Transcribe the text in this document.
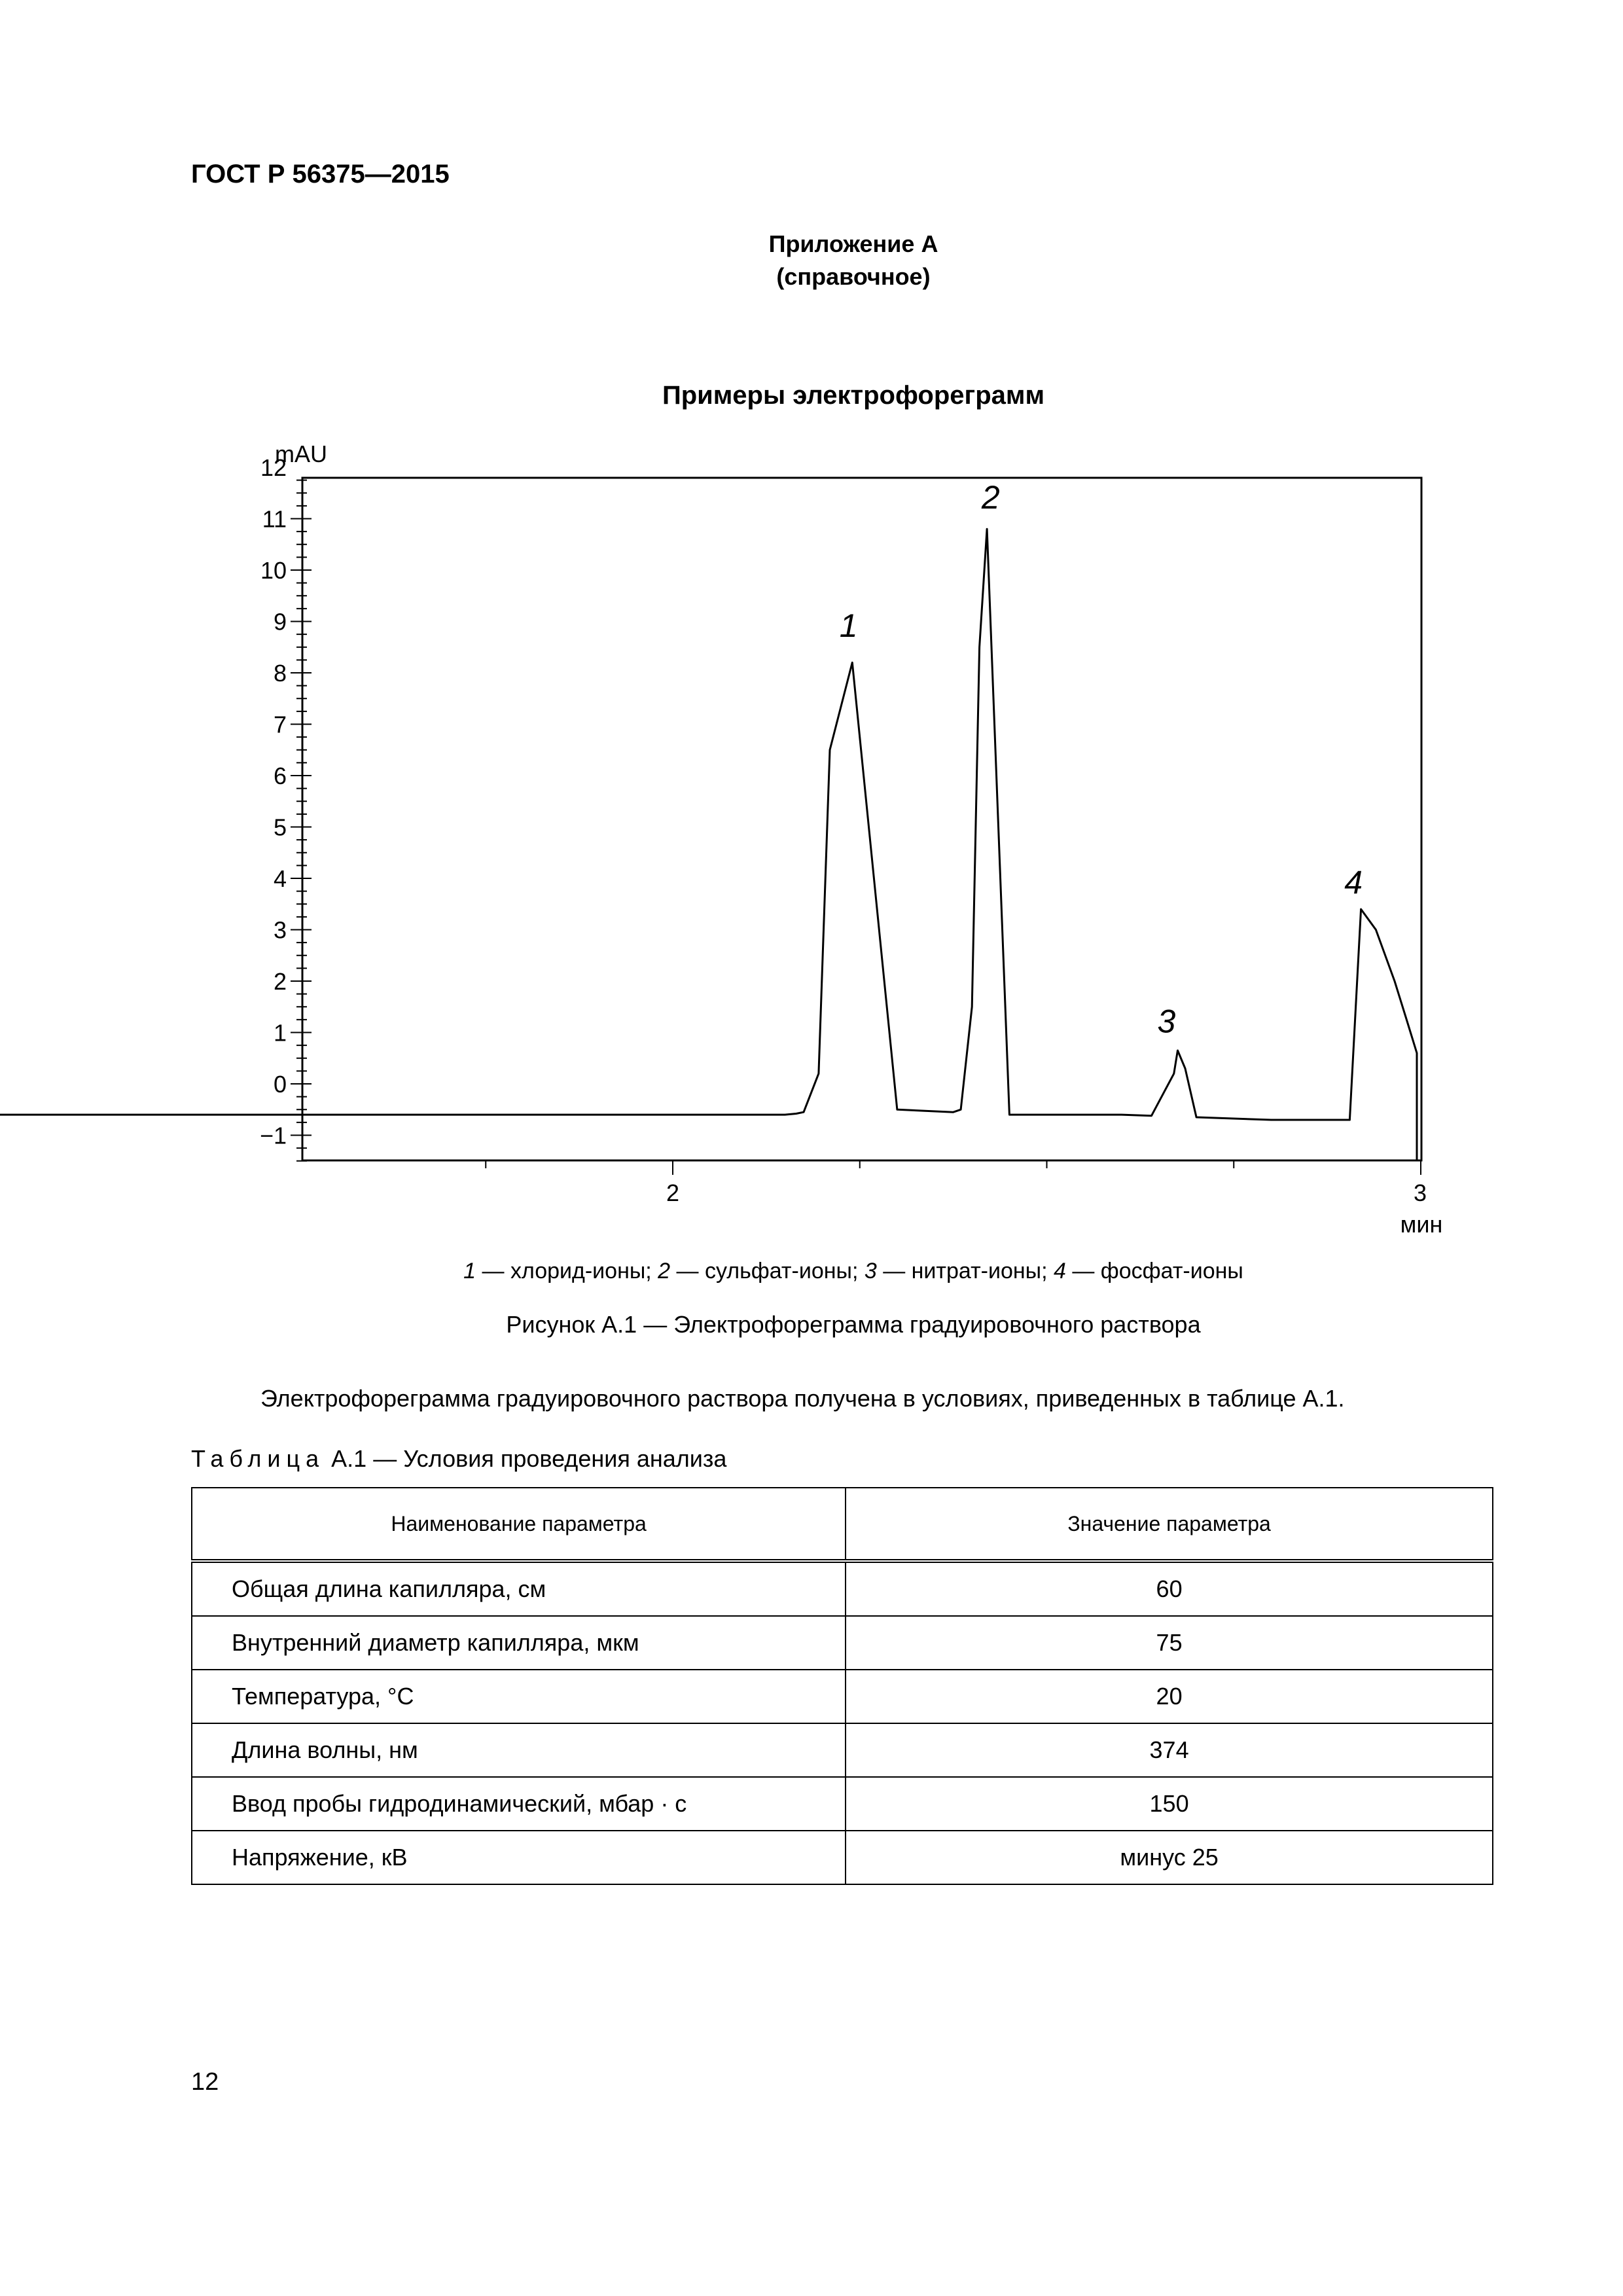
ГОСТ Р 56375—2015
Приложение А
(справочное)
Примеры электрофореграмм
−1
0
1
2
3
4
5
6
7
8
9
10
11
12
mAU
2	3
мин
1
2
3
4
1 — хлорид-ионы; 2 — сульфат-ионы; 3 — нитрат-ионы; 4 — фосфат-ионы
Рисунок А.1 — Электрофореграмма градуировочного раствора
Электрофореграмма градуировочного раствора получена в условиях, приведенных в таблице А.1.
Таблица А.1 — Условия проведения анализа
Наименование параметра	Значение параметра
Общая длина капилляра, см	60
Внутренний диаметр капилляра, мкм	75
Температура, °С	20
Длина волны, нм	374
Ввод пробы гидродинамический, мбар · с	150
Напряжение, кВ	минус 25
12
